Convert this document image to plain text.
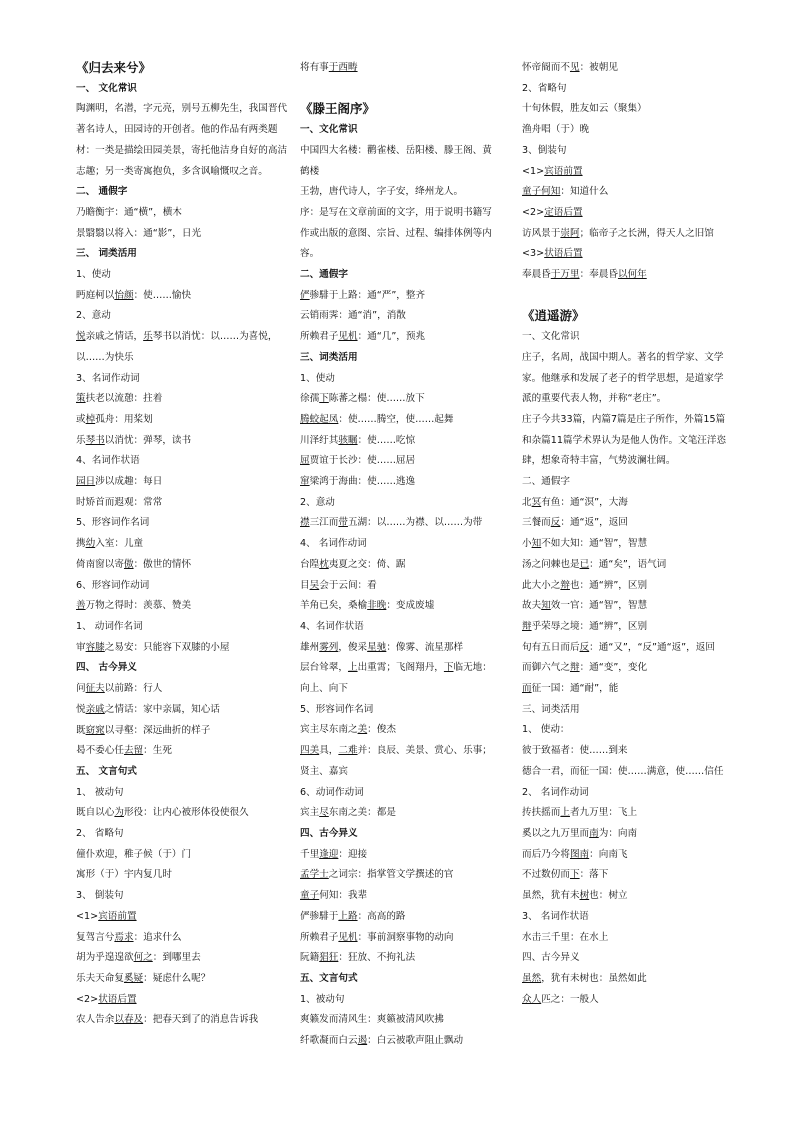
《归去来兮》
一、 文化常识
陶渊明，名潜，字元亮，别号五柳先生，我国晋代著名诗人，田园诗的开创者。他的作品有两类题材：一类是描绘田园美景，寄托他洁身自好的高洁志趣；另一类寄寓抱负，多含讽喻慨叹之音。
二、 通假字
乃瞻衡宇：通“横”，横木
景翳翳以将入：通“影”，日光
三、 词类活用
1、使动
眄庭柯以怡颜：使……愉快
2、意动
悦亲戚之情话，乐琴书以消忧：以……为喜悦，以……为快乐
3、名词作动词
策扶老以流憩：拄着
或棹孤舟：用桨划
乐琴书以消忧：弹琴，读书
4、名词作状语
园日涉以成趣：每日
时矫首而遐观：常常
5、形容词作名词
携幼入室：儿童
倚南窗以寄傲：傲世的情怀
6、形容词作动词
善万物之得时：羡慕、赞美
1、 动词作名词
审容膝之易安：只能容下双膝的小屋
四、 古今异义
问征夫以前路：行人
悦亲戚之情话：家中亲属，知心话
既窈窕以寻壑：深远曲折的样子
曷不委心任去留：生死
五、 文言句式
1、 被动句
既自以心为形役：让内心被形体役使很久
2、 省略句
僮仆欢迎，稚子候（于）门
寓形（于）宇内复几时
3、 倒装句
<1>宾语前置
复驾言兮焉求：追求什么
胡为乎遑遑欲何之：到哪里去
乐夫天命复奚疑：疑虑什么呢？
<2>状语后置
农人告余以春及：把春天到了的消息告诉我
将有事于西畴
《滕王阁序》
一、文化常识
中国四大名楼：鹳雀楼、岳阳楼、滕王阁、黄鹤楼
王勃，唐代诗人，字子安，绛州龙人。
序：是写在文章前面的文字，用于说明书籍写作或出版的意图、宗旨、过程、编排体例等内容。
二、通假字
俨骖騑于上路：通“严”，整齐
云销雨霁：通“消”，消散
所赖君子见机：通“几”，预兆
三、词类活用
1、使动
徐孺下陈蕃之榻：使……放下
腾蛟起凤：使……腾空，使……起舞
川泽纡其骇瞩：使……吃惊
屈贾谊于长沙：使……屈居
窜梁鸿于海曲：使……逃逸
2、意动
襟三江而带五湖：以……为襟、以……为带
4、 名词作动词
台隍枕夷夏之交：倚、踞
目吴会于云间：看
羊角已矣，桑榆非晚：变成废墟
4、名词作状语
雄州雾列，俊采星驰：像雾、流星那样
层台耸翠，上出重霄；飞阁翔丹，下临无地：向上、向下
5、形容词作名词
宾主尽东南之美：俊杰
四美具，二难并：良辰、美景、赏心、乐事；贤主、嘉宾
6、动词作动词
宾主尽东南之美：都是
四、古今异义
千里逢迎：迎接
孟学士之词宗：指掌管文学撰述的官
童子何知：我辈
俨骖騑于上路：高高的路
所赖君子见机：事前洞察事物的动向
阮籍猖狂：狂放、不拘礼法
五、文言句式
1、被动句
爽籁发而清风生：爽籁被清风吹拂
纤歌凝而白云遏：白云被歌声阻止飘动
怀帝阍而不见：被朝见
2、省略句
十旬休假，胜友如云（聚集）
渔舟唱（于）晚
3、倒装句
<1>宾语前置
童子何知：知道什么
<2>定语后置
访风景于崇阿；临帝子之长洲，得天人之旧馆
<3>状语后置
奉晨昏于万里：奉晨昏以何年
《逍遥游》
一、文化常识
庄子，名周，战国中期人。著名的哲学家、文学家。他继承和发展了老子的哲学思想，是道家学派的重要代表人物，并称“老庄”。
庄子今共33篇，内篇7篇是庄子所作，外篇15篇和杂篇11篇学术界认为是他人伪作。文笔汪洋恣肆，想象奇特丰富，气势波澜壮阔。
二、通假字
北冥有鱼：通“溟”，大海
三餐而反：通“返”，返回
小知不如大知：通“智”，智慧
汤之问棘也是已：通“矣”，语气词
此大小之辩也：通“辨”，区别
故夫知效一官：通“智”，智慧
辩乎荣辱之境：通“辨”，区别
旬有五日而后反：通“又”，“反”通“返”，返回
而御六气之辩：通“变”，变化
而征一国：通“耐”，能
三、词类活用
1、 使动：
彼于致福者：使……到来
德合一君，而征一国：使……满意，使……信任
2、 名词作动词
抟扶摇而上者九万里：飞上
奚以之九万里而南为：向南
而后乃今将图南：向南飞
不过数仞而下：落下
虽然，犹有未树也：树立
3、 名词作状语
水击三千里：在水上
四、古今异义
虽然，犹有未树也：虽然如此
众人匹之：一般人
